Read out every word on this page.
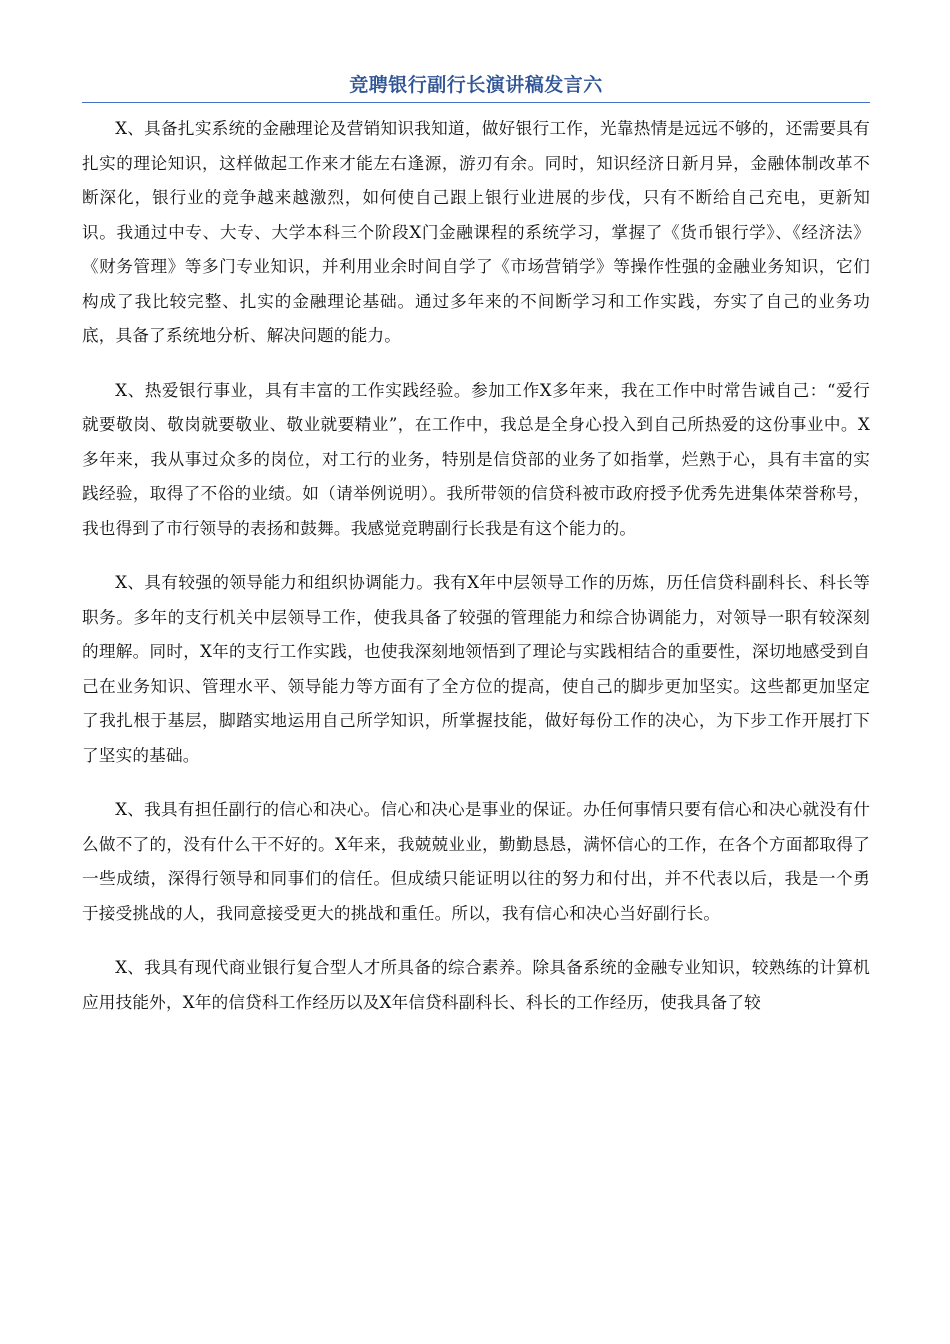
竞聘银行副行长演讲稿发言六

X、具备扎实系统的金融理论及营销知识我知道，做好银行工作，光靠热情是远远不够的，还需要具有扎实的理论知识，这样做起工作来才能左右逢源，游刃有余。同时，知识经济日新月异，金融体制改革不断深化，银行业的竞争越来越激烈，如何使自己跟上银行业进展的步伐，只有不断给自己充电，更新知识。我通过中专、大专、大学本科三个阶段X门金融课程的系统学习，掌握了《货币银行学》、《经济法》《财务管理》等多门专业知识，并利用业余时间自学了《市场营销学》等操作性强的金融业务知识，它们构成了我比较完整、扎实的金融理论基础。通过多年来的不间断学习和工作实践，夯实了自己的业务功底，具备了系统地分析、解决问题的能力。

X、热爱银行事业，具有丰富的工作实践经验。参加工作X多年来，我在工作中时常告诫自己：“爱行就要敬岗、敬岗就要敬业、敬业就要精业”，在工作中，我总是全身心投入到自己所热爱的这份事业中。X多年来，我从事过众多的岗位，对工行的业务，特别是信贷部的业务了如指掌，烂熟于心，具有丰富的实践经验，取得了不俗的业绩。如（请举例说明）。我所带领的信贷科被市政府授予优秀先进集体荣誉称号，我也得到了市行领导的表扬和鼓舞。我感觉竞聘副行长我是有这个能力的。

X、具有较强的领导能力和组织协调能力。我有X年中层领导工作的历炼，历任信贷科副科长、科长等职务。多年的支行机关中层领导工作，使我具备了较强的管理能力和综合协调能力，对领导一职有较深刻的理解。同时，X年的支行工作实践，也使我深刻地领悟到了理论与实践相结合的重要性，深切地感受到自己在业务知识、管理水平、领导能力等方面有了全方位的提高，使自己的脚步更加坚实。这些都更加坚定了我扎根于基层，脚踏实地运用自己所学知识，所掌握技能，做好每份工作的决心，为下步工作开展打下了坚实的基础。

X、我具有担任副行的信心和决心。信心和决心是事业的保证。办任何事情只要有信心和决心就没有什么做不了的，没有什么干不好的。X年来，我兢兢业业，勤勤恳恳，满怀信心的工作，在各个方面都取得了一些成绩，深得行领导和同事们的信任。但成绩只能证明以往的努力和付出，并不代表以后，我是一个勇于接受挑战的人，我同意接受更大的挑战和重任。所以，我有信心和决心当好副行长。

X、我具有现代商业银行复合型人才所具备的综合素养。除具备系统的金融专业知识，较熟练的计算机应用技能外，X年的信贷科工作经历以及X年信贷科副科长、科长的工作经历，使我具备了较
